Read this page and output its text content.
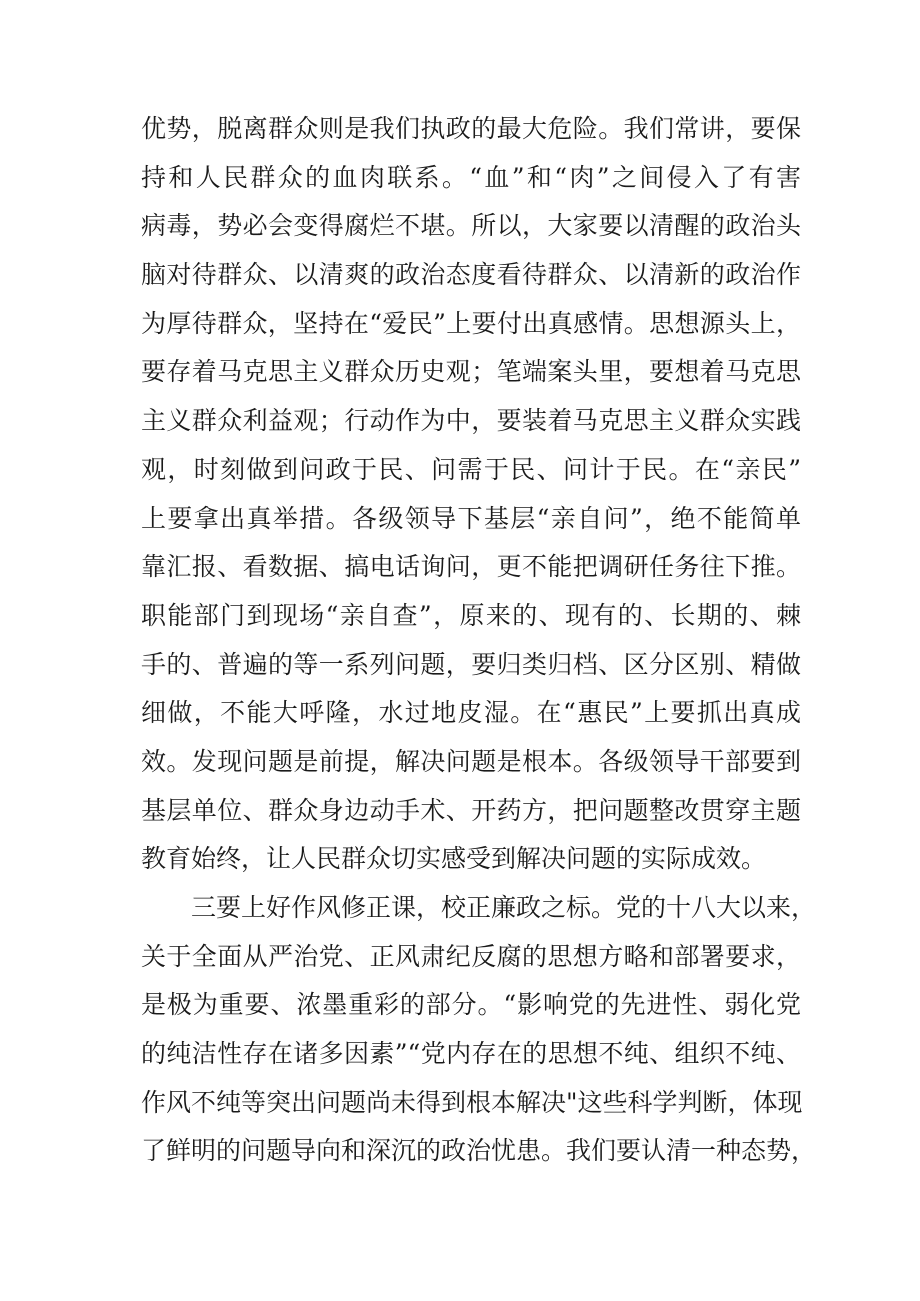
优势，脱离群众则是我们执政的最大危险。我们常讲，要保
持和人民群众的血肉联系。“血”和“肉”之间侵入了有害
病毒，势必会变得腐烂不堪。所以，大家要以清醒的政治头
脑对待群众、以清爽的政治态度看待群众、以清新的政治作
为厚待群众，坚持在“爱民”上要付出真感情。思想源头上，
要存着马克思主义群众历史观；笔端案头里，要想着马克思
主义群众利益观；行动作为中，要装着马克思主义群众实践
观，时刻做到问政于民、问需于民、问计于民。在“亲民”
上要拿出真举措。各级领导下基层“亲自问”，绝不能简单
靠汇报、看数据、搞电话询问，更不能把调研任务往下推。
职能部门到现场“亲自查”，原来的、现有的、长期的、棘
手的、普遍的等一系列问题，要归类归档、区分区别、精做
细做，不能大呼隆，水过地皮湿。在“惠民”上要抓出真成
效。发现问题是前提，解决问题是根本。各级领导干部要到
基层单位、群众身边动手术、开药方，把问题整改贯穿主题
教育始终，让人民群众切实感受到解决问题的实际成效。
三要上好作风修正课，校正廉政之标。党的十八大以来，
关于全面从严治党、正风肃纪反腐的思想方略和部署要求，
是极为重要、浓墨重彩的部分。“影响党的先进性、弱化党
的纯洁性存在诸多因素”“党内存在的思想不纯、组织不纯、
作风不纯等突出问题尚未得到根本解决"这些科学判断，体现
了鲜明的问题导向和深沉的政治忧患。我们要认清一种态势，
